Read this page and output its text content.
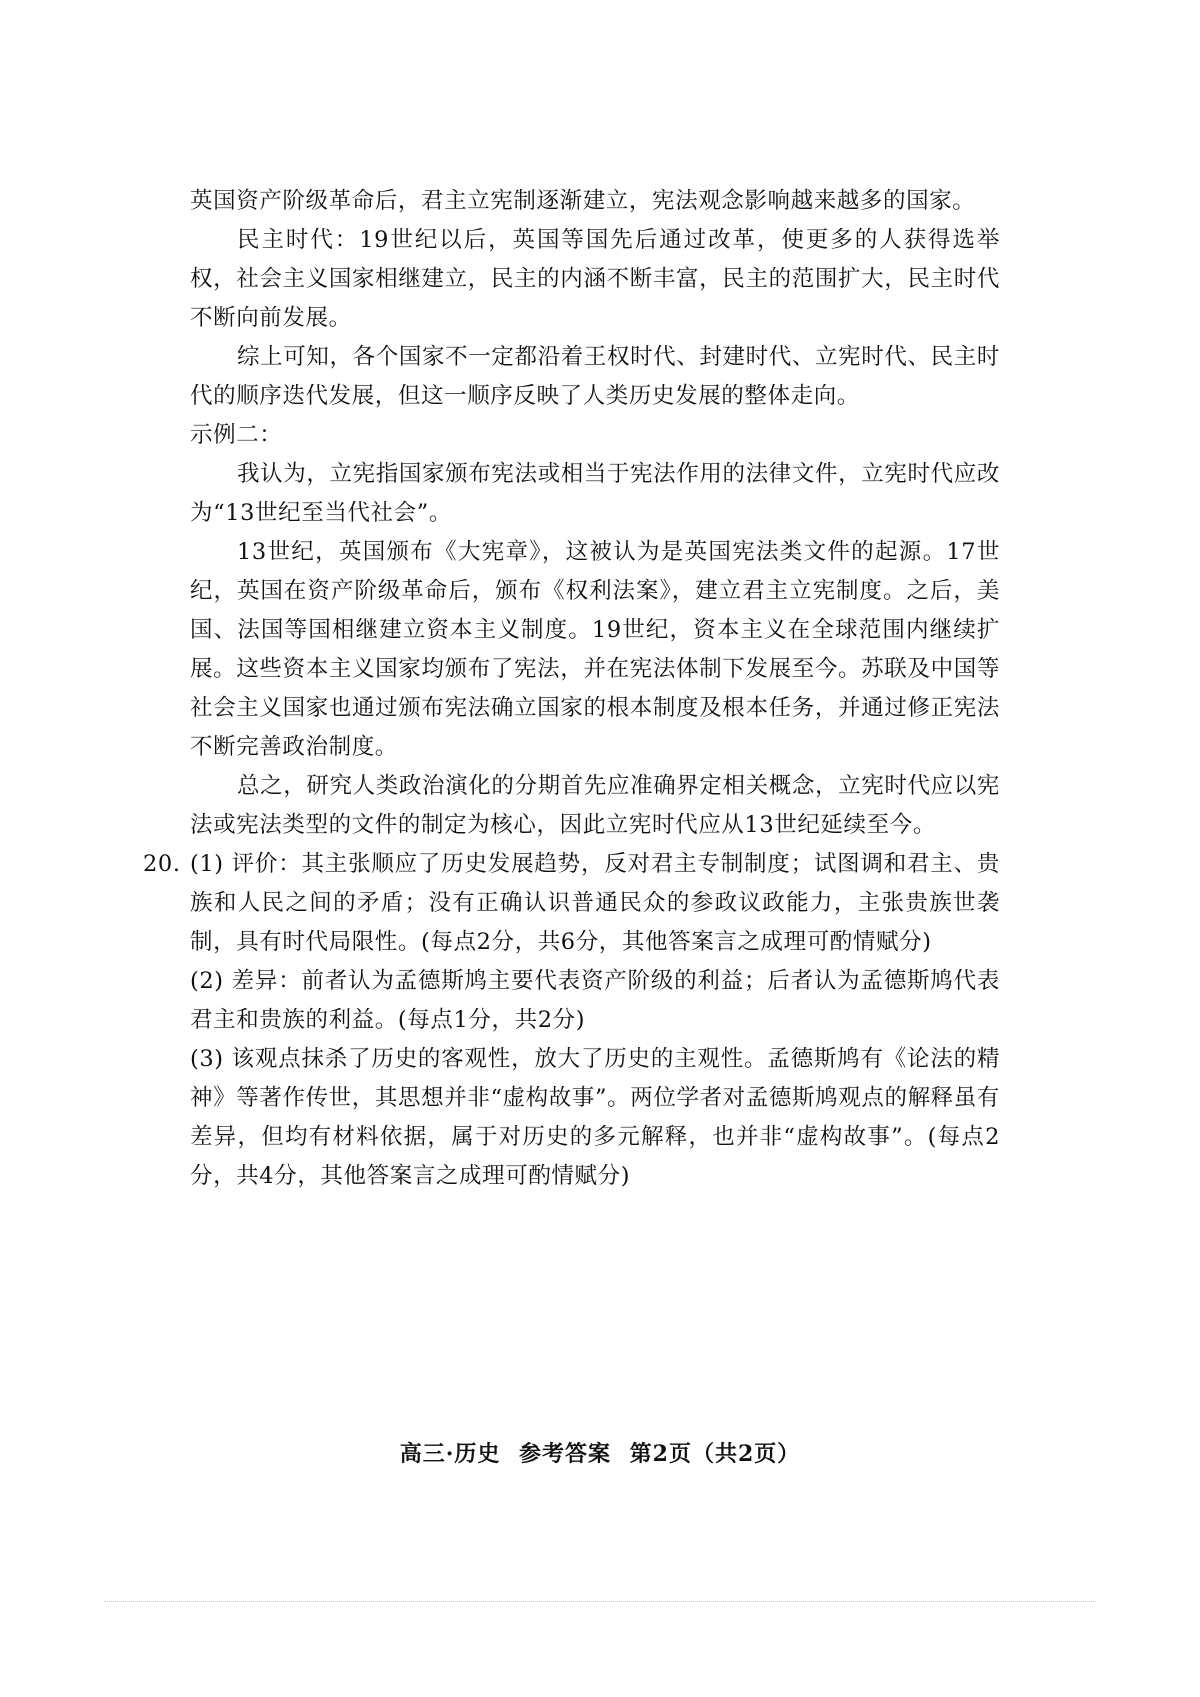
英国资产阶级革命后，君主立宪制逐渐建立，宪法观念影响越来越多的国家。

民主时代：19世纪以后，英国等国先后通过改革，使更多的人获得选举权，社会主义国家相继建立，民主的内涵不断丰富，民主的范围扩大，民主时代不断向前发展。

综上可知，各个国家不一定都沿着王权时代、封建时代、立宪时代、民主时代的顺序迭代发展，但这一顺序反映了人类历史发展的整体走向。

示例二：

我认为，立宪指国家颁布宪法或相当于宪法作用的法律文件，立宪时代应改为“13世纪至当代社会”。

13世纪，英国颁布《大宪章》，这被认为是英国宪法类文件的起源。17世纪，英国在资产阶级革命后，颁布《权利法案》，建立君主立宪制度。之后，美国、法国等国相继建立资本主义制度。19世纪，资本主义在全球范围内继续扩展。这些资本主义国家均颁布了宪法，并在宪法体制下发展至今。苏联及中国等社会主义国家也通过颁布宪法确立国家的根本制度及根本任务，并通过修正宪法不断完善政治制度。

总之，研究人类政治演化的分期首先应准确界定相关概念，立宪时代应以宪法或宪法类型的文件的制定为核心，因此立宪时代应从13世纪延续至今。

20. (1) 评价：其主张顺应了历史发展趋势，反对君主专制制度；试图调和君主、贵族和人民之间的矛盾；没有正确认识普通民众的参政议政能力，主张贵族世袭制，具有时代局限性。(每点2分，共6分，其他答案言之成理可酌情赋分)

(2) 差异：前者认为孟德斯鸠主要代表资产阶级的利益；后者认为孟德斯鸠代表君主和贵族的利益。(每点1分，共2分)

(3) 该观点抹杀了历史的客观性，放大了历史的主观性。孟德斯鸠有《论法的精神》等著作传世，其思想并非“虚构故事”。两位学者对孟德斯鸠观点的解释虽有差异，但均有材料依据，属于对历史的多元解释，也并非“虚构故事”。(每点2分，共4分，其他答案言之成理可酌情赋分)

高三·历史 参考答案 第2页（共2页）
